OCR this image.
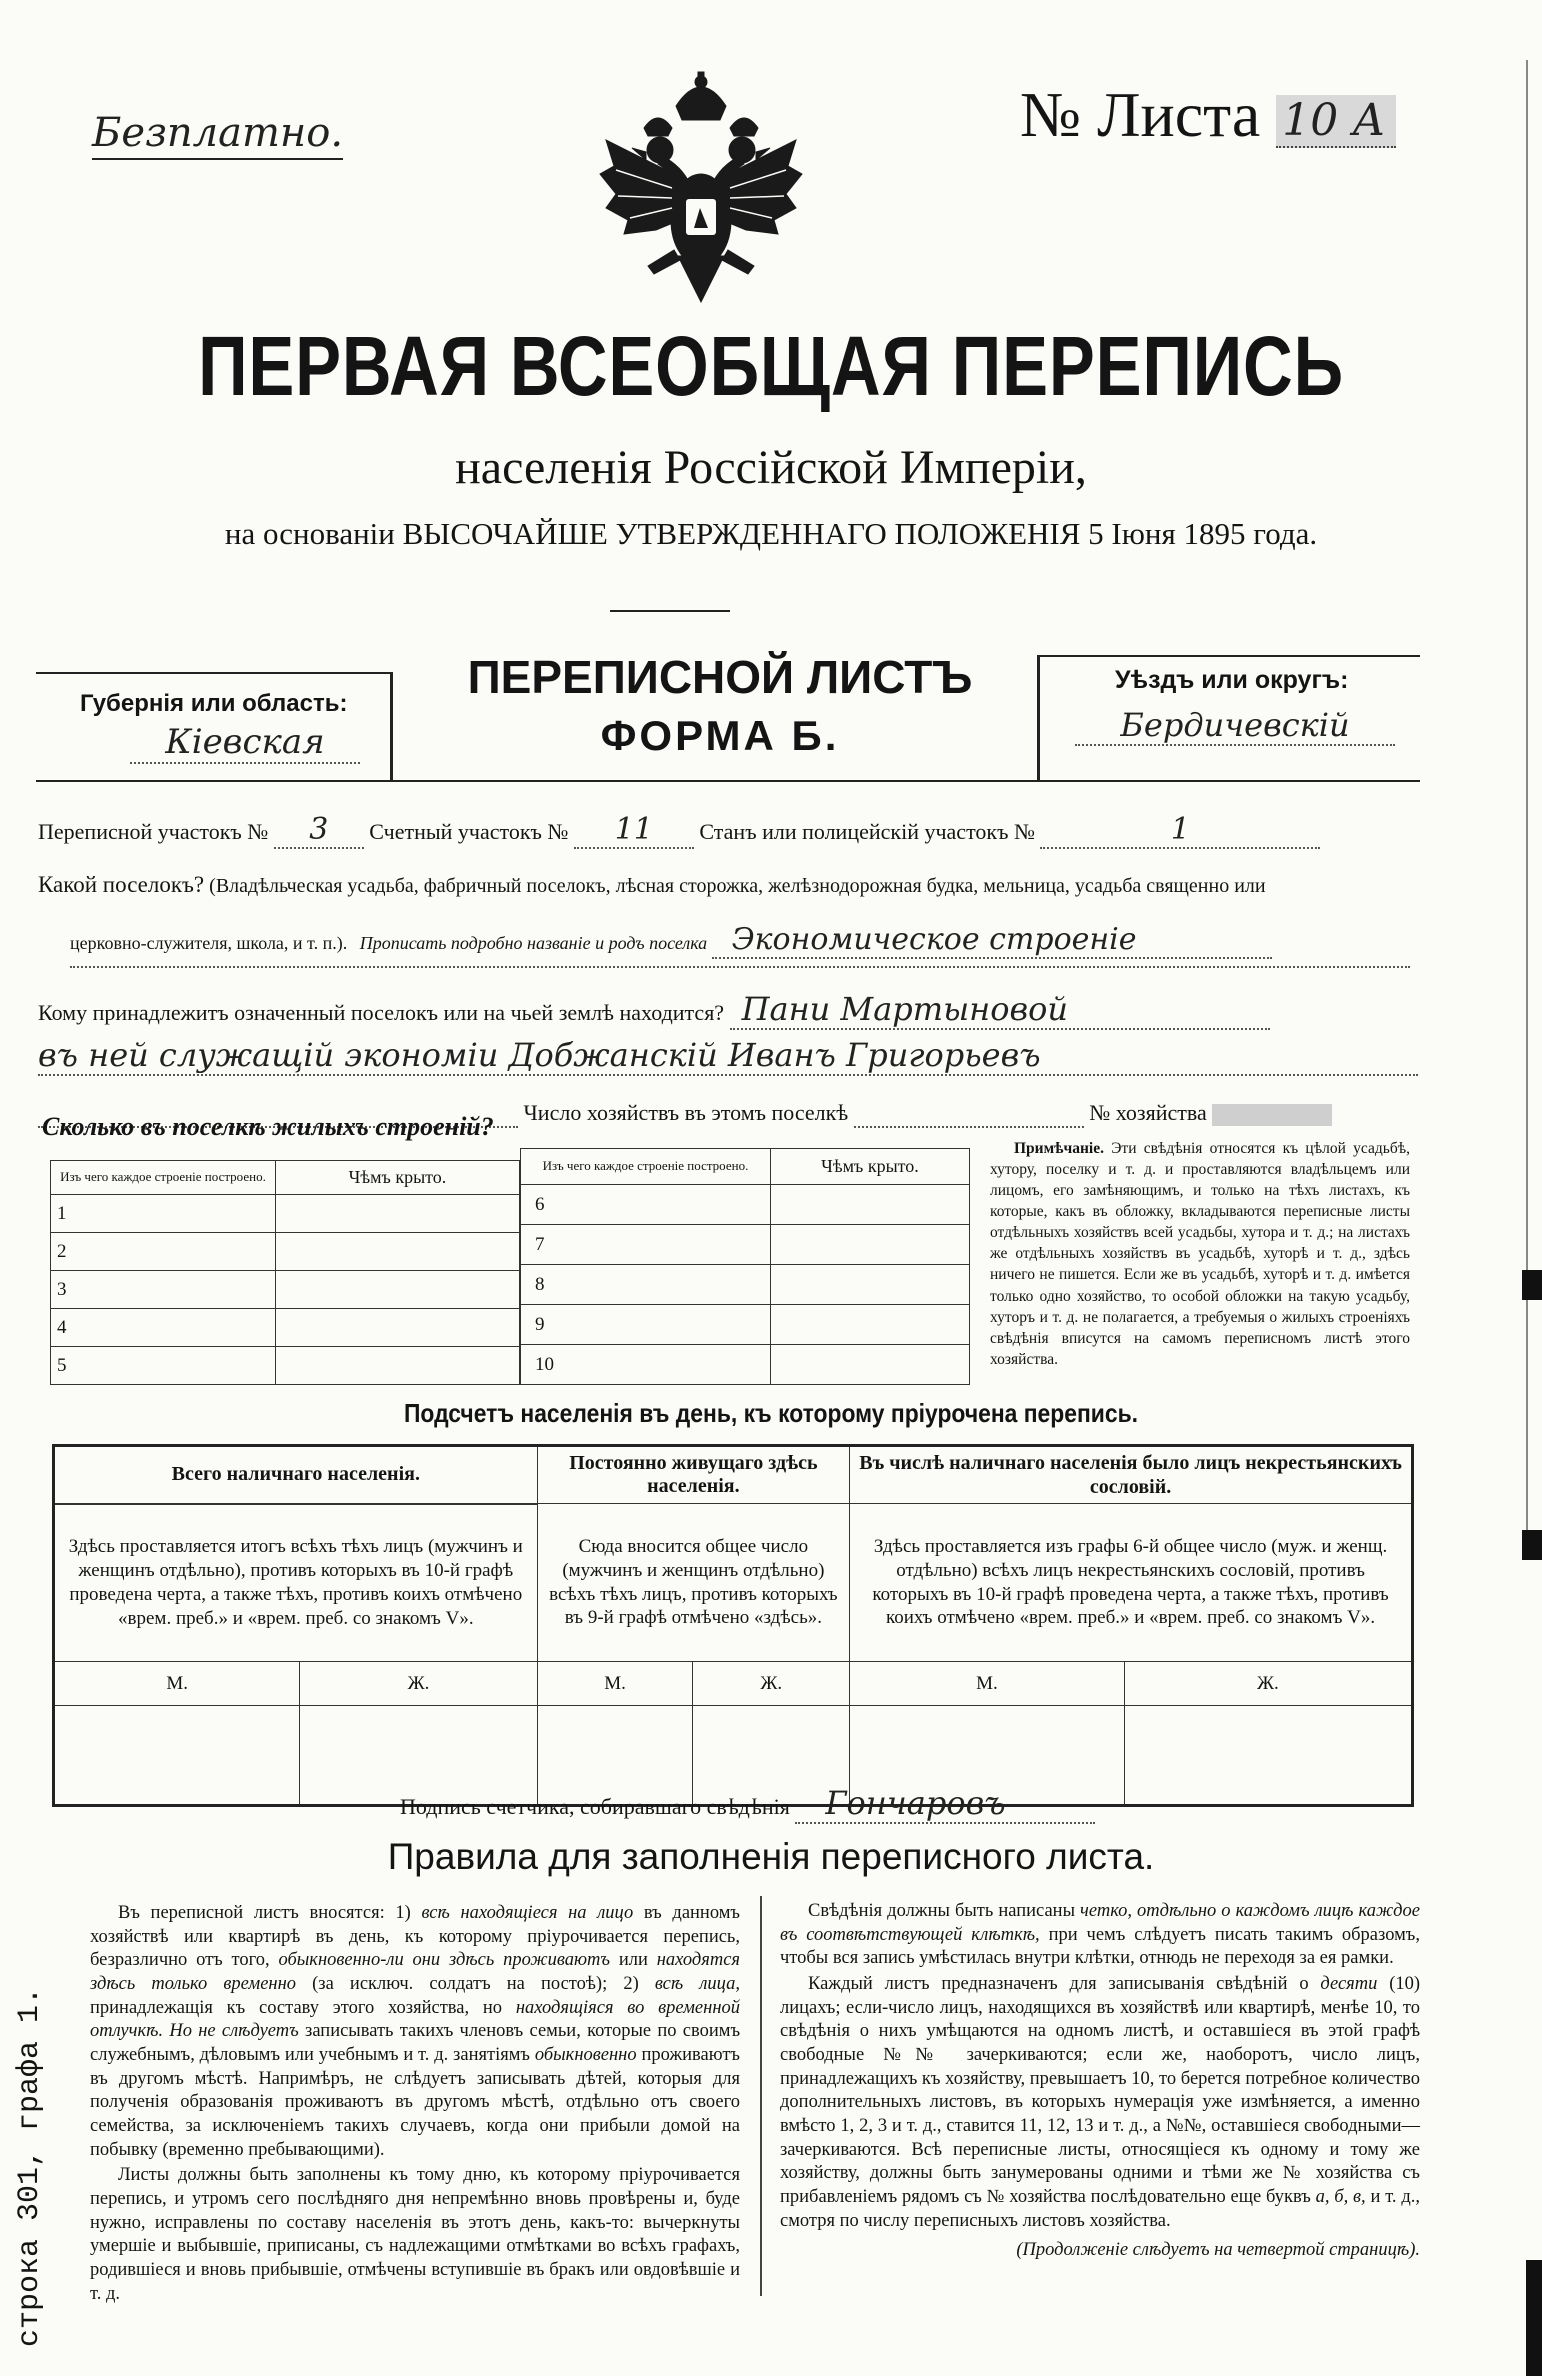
Безплатно.	№ Листа 10 А
ПЕРВАЯ ВСЕОБЩАЯ ПЕРЕПИСЬ
населенія Россійской Имперіи,
на основаніи ВЫСОЧАЙШЕ УТВЕРЖДЕННАГО ПОЛОЖЕНІЯ 5 Іюня 1895 года.
Губернія или область:
Кіевская
ПЕРЕПИСНОЙ ЛИСТЪ
ФОРМА Б.
Уѣздъ или округъ:
Бердичевскій
Переписной участокъ № 3 Счетный участокъ № 11 Станъ или полицейскій участокъ №	1
Какой поселокъ? (Владѣльческая усадьба, фабричный поселокъ, лѣсная сторожка, желѣзнодорожная будка, мельница, усадьба священно или
церковно-служителя, школа, и т. п.). Прописать подробно названіе и родъ поселка Экономическое строеніе
Кому принадлежитъ означенный поселокъ или на чьей землѣ находится? Пани Мартыновой
въ ней служащій экономіи Добжанскій Иванъ Григорьевъ
Число хозяйствъ въ этомъ поселкѣ	№ хозяйства
Сколько въ поселкѣ жилыхъ строеній?
Изъ чего каждое строеніе построено.	Чѣмъ крыто.
1	
2	
3	
4	
5	
Изъ чего каждое строеніе построено.	Чѣмъ крыто.
6	
7	
8	
9	
10	
Примѣчаніе. Эти свѣдѣнія относятся къ цѣлой усадьбѣ, хутору, поселку и т. д. и проставляются владѣльцемъ или лицомъ, его замѣняющимъ, и только на тѣхъ листахъ, къ которые, какъ въ обложку, вкладываются переписные листы отдѣльныхъ хозяйствъ всей усадьбы, хутора и т. д.; на листахъ же отдѣльныхъ хозяйствъ въ усадьбѣ, хуторѣ и т. д., здѣсь ничего не пишется. Если же въ усадьбѣ, хуторѣ и т. д. имѣется только одно хозяйство, то особой обложки на такую усадьбу, хуторъ и т. д. не полагается, а требуемыя о жилыхъ строеніяхъ свѣдѣнія вписутся на самомъ переписномъ листѣ этого хозяйства.
Подсчетъ населенія въ день, къ которому пріурочена перепись.
Всего наличнаго населенія.		Постоянно живущаго здѣсь населенія.		Въ числѣ наличнаго населенія было лицъ некрестьянскихъ сословій.	
Здѣсь проставляется итогъ всѣхъ тѣхъ лицъ (мужчинъ и женщинъ отдѣльно), противъ которыхъ въ 10-й графѣ проведена черта, а также тѣхъ, противъ коихъ отмѣчено «врем. преб.» и «врем. преб. со знакомъ V».		Сюда вносится общее число (мужчинъ и женщинъ отдѣльно) всѣхъ тѣхъ лицъ, противъ которыхъ въ 9-й графѣ отмѣчено «здѣсь».		Здѣсь проставляется изъ графы 6-й общее число (муж. и женщ. отдѣльно) всѣхъ лицъ некрестьянскихъ сословій, противъ которыхъ въ 10-й графѣ проведена черта, а также тѣхъ, противъ коихъ отмѣчено «врем. преб.» и «врем. преб. со знакомъ V».	
М.	Ж.	М.	Ж.	М.	Ж.

Подпись счетчика, собиравшаго свѣдѣнія Гончаровъ
Правила для заполненія переписного листа.

Въ переписной листъ вносятся: 1) всѣ находящіеся на лицо въ данномъ хозяйствѣ или квартирѣ въ день, къ которому пріурочивается перепись, безразлично отъ того, обыкновенно-ли они здѣсь проживаютъ или находятся здѣсь только временно (за исключ. солдатъ на постоѣ); 2) всѣ лица, принадлежащія къ составу этого хозяйства, но находящіяся во временной отлучкѣ. Но не слѣдуетъ записывать такихъ членовъ семьи, которые по своимъ служебнымъ, дѣловымъ или учебнымъ и т. д. занятіямъ обыкновенно проживаютъ въ другомъ мѣстѣ. Напримѣръ, не слѣдуетъ записывать дѣтей, которыя для полученія образованія проживаютъ въ другомъ мѣстѣ, отдѣльно отъ своего семейства, за исключеніемъ такихъ случаевъ, когда они прибыли домой на побывку (временно пребывающими).

Листы должны быть заполнены къ тому дню, къ которому пріурочивается перепись, и утромъ сего послѣдняго дня непремѣнно вновь провѣрены и, буде нужно, исправлены по составу населенія въ этотъ день, какъ-то: вычеркнуты умершіе и выбывшіе, приписаны, съ надлежащими отмѣтками во всѣхъ графахъ, родившіеся и вновь прибывшіе, отмѣчены вступившіе въ бракъ или овдовѣвшіе и т. д.

Свѣдѣнія должны быть написаны четко, отдѣльно о каждомъ лицѣ каждое въ соотвѣтствующей клѣткѣ, при чемъ слѣдуетъ писать такимъ образомъ, чтобы вся запись умѣстилась внутри клѣтки, отнюдь не переходя за ея рамки.

Каждый листъ предназначенъ для записыванія свѣдѣній о десяти (10) лицахъ; если-число лицъ, находящихся въ хозяйствѣ или квартирѣ, менѣе 10, то свѣдѣнія о нихъ умѣщаются на одномъ листѣ, и оставшіеся въ этой графѣ свободные №№ зачеркиваются; если же, наоборотъ, число лицъ, принадлежащихъ къ хозяйству, превышаетъ 10, то берется потребное количество дополнительныхъ листовъ, въ которыхъ нумерація уже измѣняется, а именно вмѣсто 1, 2, 3 и т. д., ставится 11, 12, 13 и т. д., а №№, оставшіеся свободными—зачеркиваются. Всѣ переписные листы, относящіеся къ одному и тому же хозяйству, должны быть занумерованы одними и тѣми же № хозяйства съ прибавленіемъ рядомъ съ № хозяйства послѣдовательно еще буквъ а, б, в, и т. д., смотря по числу переписныхъ листовъ хозяйства.

(Продолженіе слѣдуетъ на четвертой страницѣ).

строка 301, графа 1.
